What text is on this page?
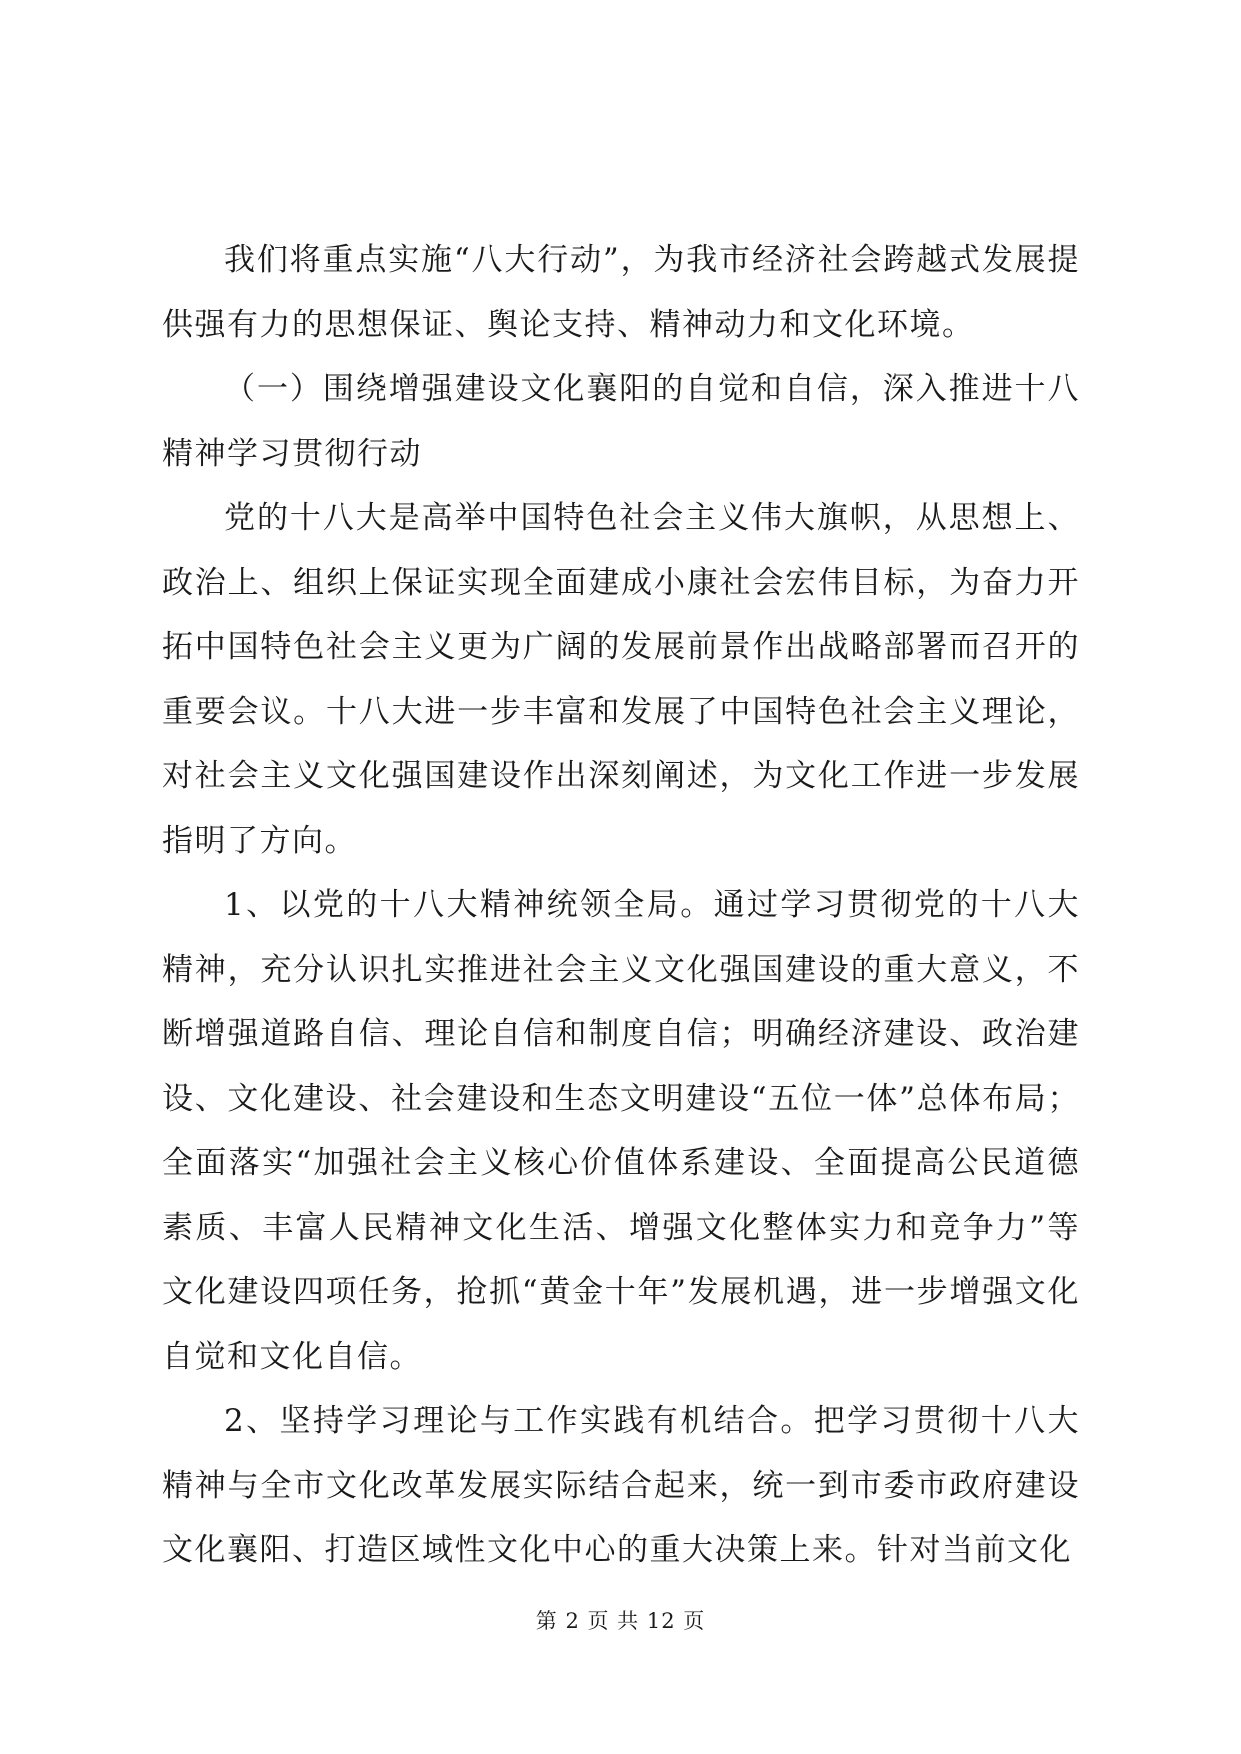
我们将重点实施“八大行动”，为我市经济社会跨越式发展提供强有力的思想保证、舆论支持、精神动力和文化环境。

（一）围绕增强建设文化襄阳的自觉和自信，深入推进十八精神学习贯彻行动

党的十八大是高举中国特色社会主义伟大旗帜，从思想上、政治上、组织上保证实现全面建成小康社会宏伟目标，为奋力开拓中国特色社会主义更为广阔的发展前景作出战略部署而召开的重要会议。十八大进一步丰富和发展了中国特色社会主义理论，对社会主义文化强国建设作出深刻阐述，为文化工作进一步发展指明了方向。

1、以党的十八大精神统领全局。通过学习贯彻党的十八大精神，充分认识扎实推进社会主义文化强国建设的重大意义，不断增强道路自信、理论自信和制度自信；明确经济建设、政治建设、文化建设、社会建设和生态文明建设“五位一体”总体布局；全面落实“加强社会主义核心价值体系建设、全面提高公民道德素质、丰富人民精神文化生活、增强文化整体实力和竞争力”等文化建设四项任务，抢抓“黄金十年”发展机遇，进一步增强文化自觉和文化自信。

2、坚持学习理论与工作实践有机结合。把学习贯彻十八大精神与全市文化改革发展实际结合起来，统一到市委市政府建设文化襄阳、打造区域性文化中心的重大决策上来。针对当前文化

第 2 页 共 12 页
